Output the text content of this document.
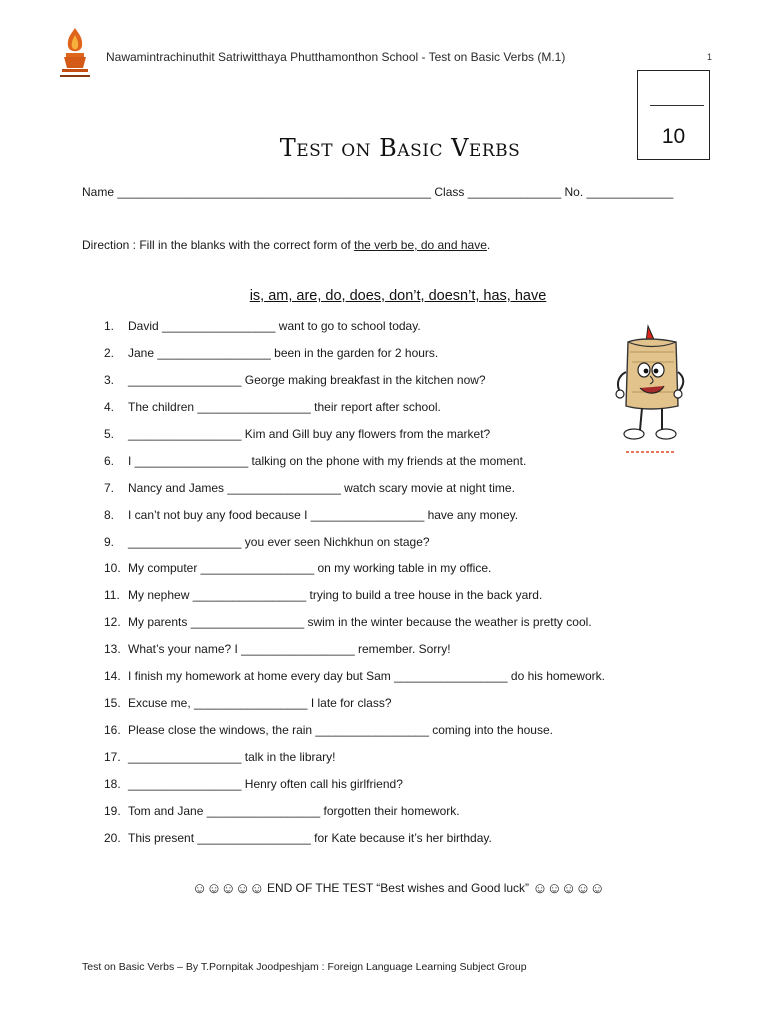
Nawamintrachinuthit Satriwitthaya Phutthamonthon School - Test on Basic Verbs (M.1)	1
10
Test on Basic Verbs
Name _______________________________________________ Class ______________ No. _____________
Direction : Fill in the blanks with the correct form of the verb be, do and have.
is, am, are, do, does, don’t, doesn’t, has, have
1.	David _________________ want to go to school today.
2.	Jane _________________ been in the garden for 2 hours.
3.	_________________ George making breakfast in the kitchen now?
4.	The children _________________ their report after school.
5.	_________________ Kim and Gill buy any flowers from the market?
6.	I _________________ talking on the phone with my friends at the moment.
7.	Nancy and James _________________ watch scary movie at night time.
8.	I can’t not buy any food because I _________________ have any money.
9.	_________________ you ever seen Nichkhun on stage?
10. My computer _________________ on my working table in my office.
11. My nephew _________________ trying to build a tree house in the back yard.
12. My parents _________________ swim in the winter because the weather is pretty cool.
13. What’s your name? I _________________ remember. Sorry!
14. I finish my homework at home every day but Sam _________________ do his homework.
15. Excuse me, _________________ I late for class?
16. Please close the windows, the rain _________________ coming into the house.
17. _________________ talk in the library!
18. _________________ Henry often call his girlfriend?
19. Tom and Jane _________________ forgotten their homework.
20. This present _________________ for Kate because it’s her birthday.
☺☺☺☺☺ END OF THE TEST “Best wishes and Good luck” ☺☺☺☺☺
Test on Basic Verbs – By T.Pornpitak Joodpeshjam : Foreign Language Learning Subject Group
